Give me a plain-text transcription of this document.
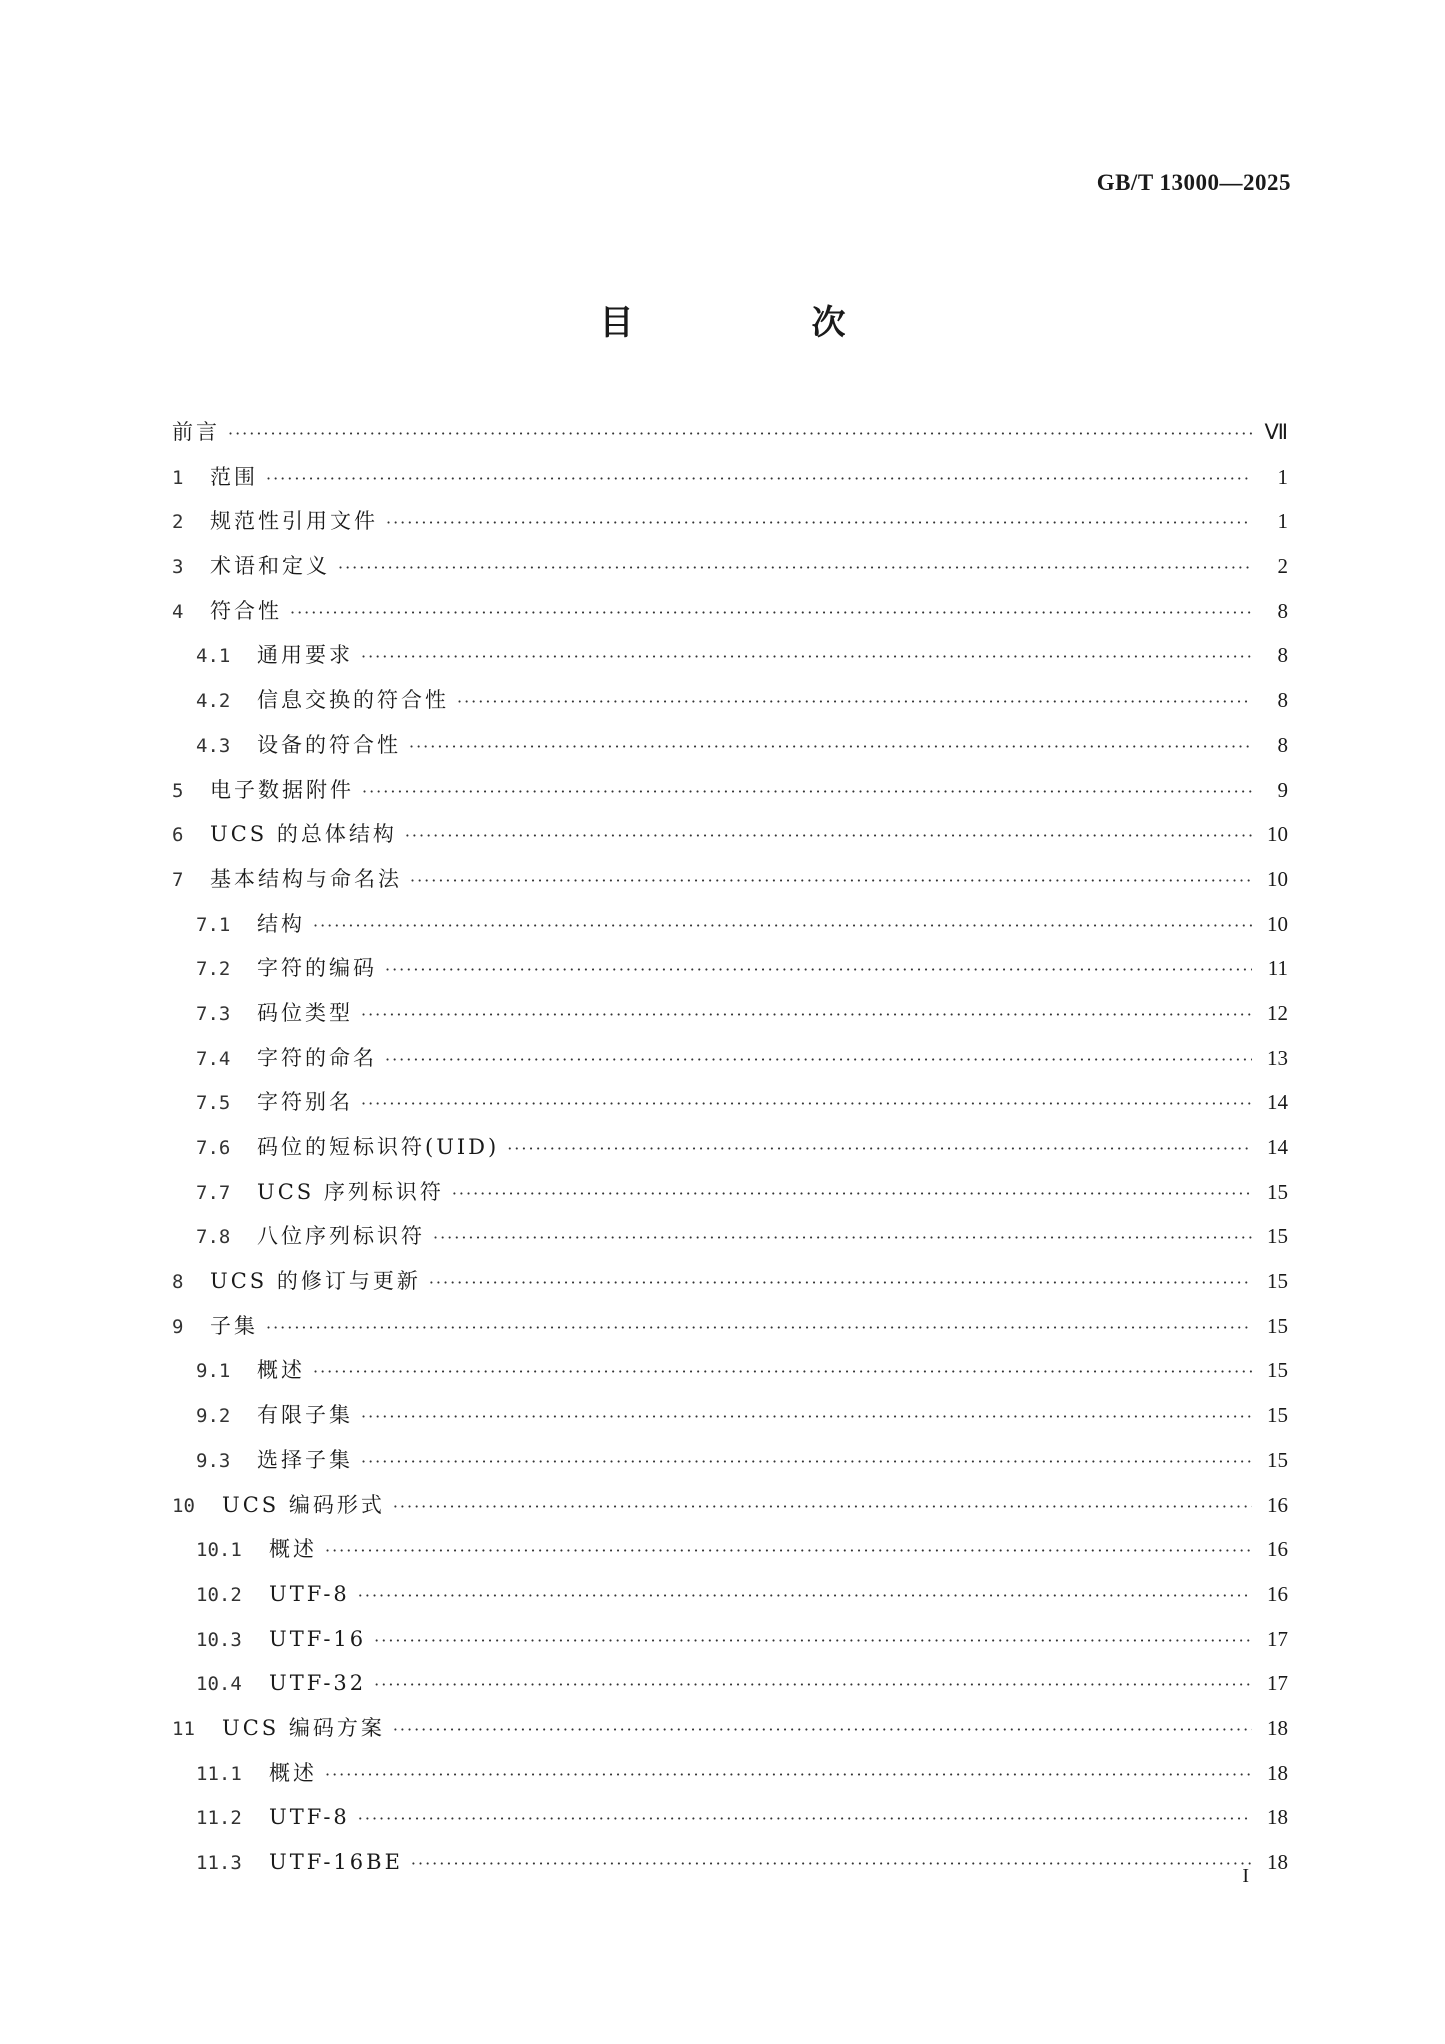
GB/T 13000—2025
目　次
前言 ·····	Ⅶ
1	范围 ·····	1
2	规范性引用文件 ·····	1
3	术语和定义 ·····	2
4	符合性 ·····	8
4.1	通用要求 ·····	8
4.2	信息交换的符合性 ·····	8
4.3	设备的符合性 ·····	8
5	电子数据附件 ·····	9
6	UCS 的总体结构 ·····	10
7	基本结构与命名法 ·····	10
7.1	结构 ·····	10
7.2	字符的编码 ·····	11
7.3	码位类型 ·····	12
7.4	字符的命名 ·····	13
7.5	字符别名 ·····	14
7.6	码位的短标识符(UID) ·····	14
7.7	UCS 序列标识符 ·····	15
7.8	八位序列标识符 ·····	15
8	UCS 的修订与更新 ·····	15
9	子集 ·····	15
9.1	概述 ·····	15
9.2	有限子集 ·····	15
9.3	选择子集 ·····	15
10	UCS 编码形式 ·····	16
10.1	概述 ·····	16
10.2	UTF-8 ·····	16
10.3	UTF-16 ·····	17
10.4	UTF-32 ·····	17
11	UCS 编码方案 ·····	18
11.1	概述 ·····	18
11.2	UTF-8 ·····	18
11.3	UTF-16BE ·····	18
I
